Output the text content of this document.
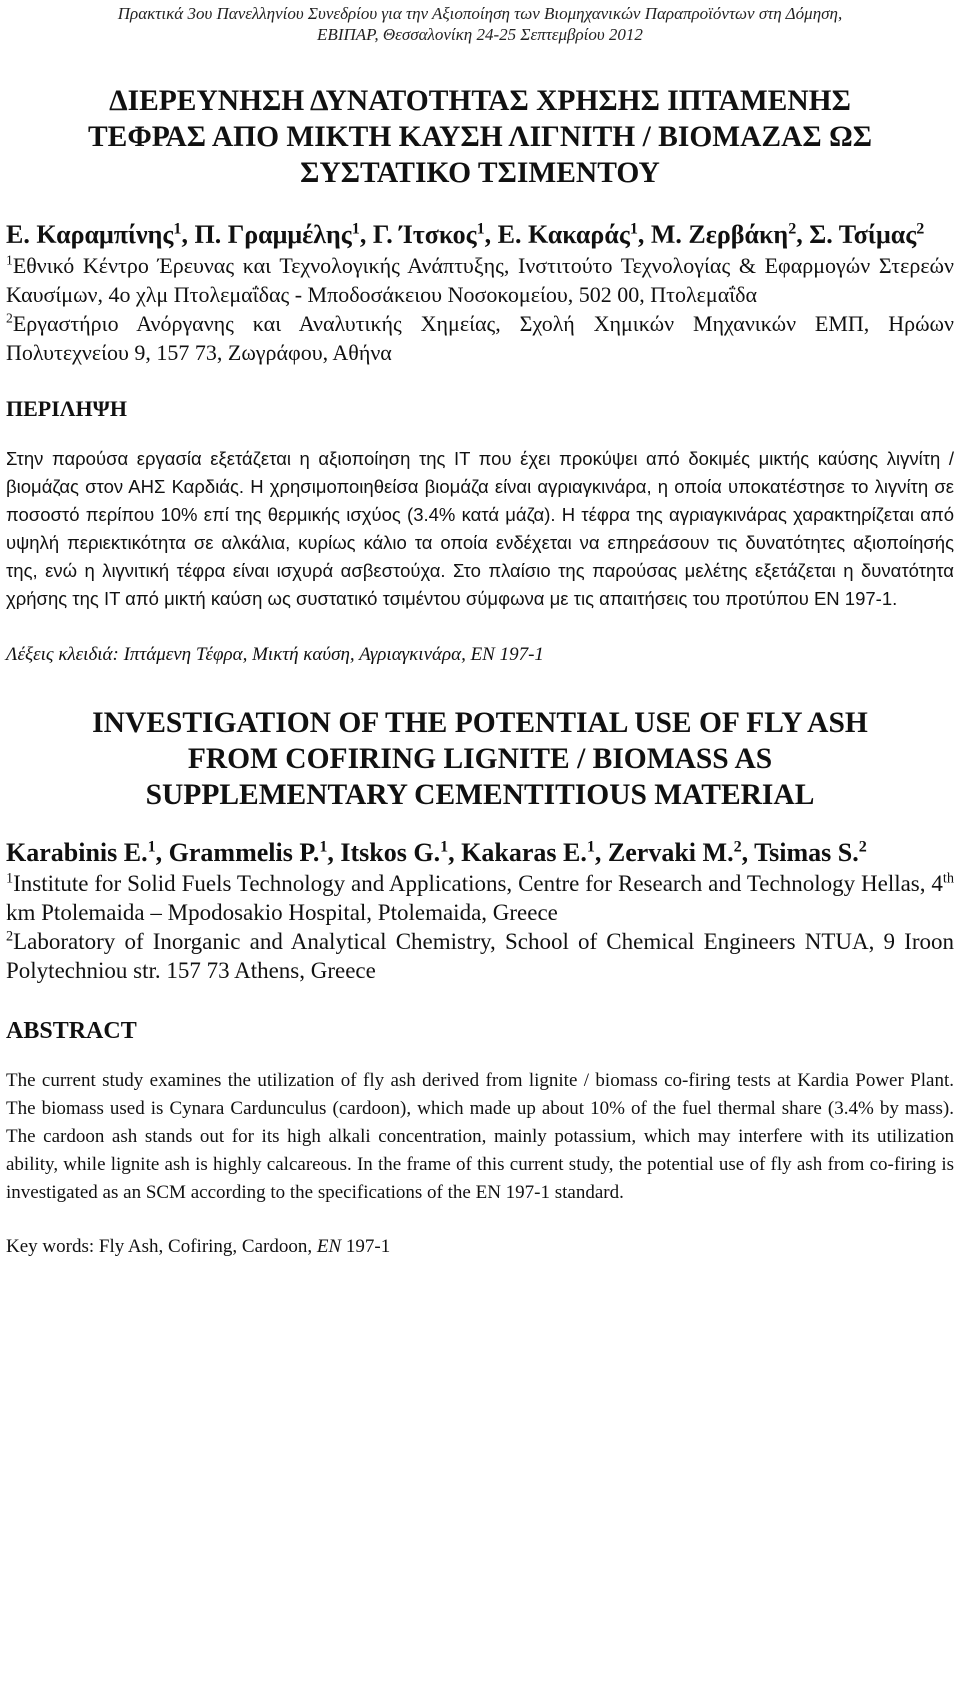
Πρακτικά 3ου Πανελληνίου Συνεδρίου για την Αξιοποίηση των Βιομηχανικών Παραπροϊόντων στη Δόμηση,
ΕΒΙΠΑΡ, Θεσσαλονίκη 24-25 Σεπτεμβρίου 2012
ΔΙΕΡΕΥΝΗΣΗ ΔΥΝΑΤΟΤΗΤΑΣ ΧΡΗΣΗΣ ΙΠΤΑΜΕΝΗΣ
ΤΕΦΡΑΣ ΑΠΟ ΜΙΚΤΗ ΚΑΥΣΗ ΛΙΓΝΙΤΗ / ΒΙΟΜΑΖΑΣ ΩΣ
ΣΥΣΤΑΤΙΚΟ ΤΣΙΜΕΝΤΟΥ
Ε. Καραμπίνης$^1$, Π. Γραμμέλης$^1$, Γ. Ίτσκος$^1$, Ε. Κακαράς$^1$, Μ. Ζερβάκη$^2$, Σ. Τσίμας$^2$

$^1$Εθνικό Κέντρο Έρευνας και Τεχνολογικής Ανάπτυξης, Ινστιτούτο Τεχνολογίας & Εφαρμογών Στερεών Καυσίμων, 4ο χλμ Πτολεμαΐδας - Μποδοσάκειου Νοσοκομείου, 502 00, Πτολεμαΐδα

$^2$Εργαστήριο Ανόργανης και Αναλυτικής Χημείας, Σχολή Χημικών Μηχανικών ΕΜΠ, Ηρώων Πολυτεχνείου 9, 157 73, Ζωγράφου, Αθήνα

ΠΕΡΙΛΗΨΗ

Στην παρούσα εργασία εξετάζεται η αξιοποίηση της ΙΤ που έχει προκύψει από δοκιμές μικτής καύσης λιγνίτη / βιομάζας στον ΑΗΣ Καρδιάς. Η χρησιμοποιηθείσα βιομάζα είναι αγριαγκινάρα, η οποία υποκατέστησε το λιγνίτη σε ποσοστό περίπου 10% επί της θερμικής ισχύος (3.4% κατά μάζα). Η τέφρα της αγριαγκινάρας χαρακτηρίζεται από υψηλή περιεκτικότητα σε αλκάλια, κυρίως κάλιο τα οποία ενδέχεται να επηρεάσουν τις δυνατότητες αξιοποίησής της, ενώ η λιγνιτική τέφρα είναι ισχυρά ασβεστούχα. Στο πλαίσιο της παρούσας μελέτης εξετάζεται η δυνατότητα χρήσης της ΙΤ από μικτή καύση ως συστατικό τσιμέντου σύμφωνα με τις απαιτήσεις του προτύπου ΕΝ 197-1.

Λέξεις κλειδιά: Ιπτάμενη Τέφρα, Μικτή καύση, Αγριαγκινάρα, ΕΝ 197-1
INVESTIGATION OF THE POTENTIAL USE OF FLY ASH
FROM COFIRING LIGNITE / BIOMASS AS
SUPPLEMENTARY CEMENTITIOUS MATERIAL
Karabinis E.$^1$, Grammelis P.$^1$, Itskos G.$^1$, Kakaras E.$^1$, Zervaki M.$^2$, Tsimas S.$^2$

$^1$Institute for Solid Fuels Technology and Applications, Centre for Research and Technology Hellas, 4th km Ptolemaida – Mpodosakio Hospital, Ptolemaida, Greece

$^2$Laboratory of Inorganic and Analytical Chemistry, School of Chemical Engineers NTUA, 9 Iroon Polytechniou str. 157 73 Athens, Greece

ABSTRACT

The current study examines the utilization of fly ash derived from lignite / biomass co-firing tests at Kardia Power Plant. The biomass used is Cynara Cardunculus (cardoon), which made up about 10% of the fuel thermal share (3.4% by mass). The cardoon ash stands out for its high alkali concentration, mainly potassium, which may interfere with its utilization ability, while lignite ash is highly calcareous. In the frame of this current study, the potential use of fly ash from co-firing is investigated as an SCM according to the specifications of the EN 197-1 standard.

Key words: Fly Ash, Cofiring, Cardoon, EN 197-1
